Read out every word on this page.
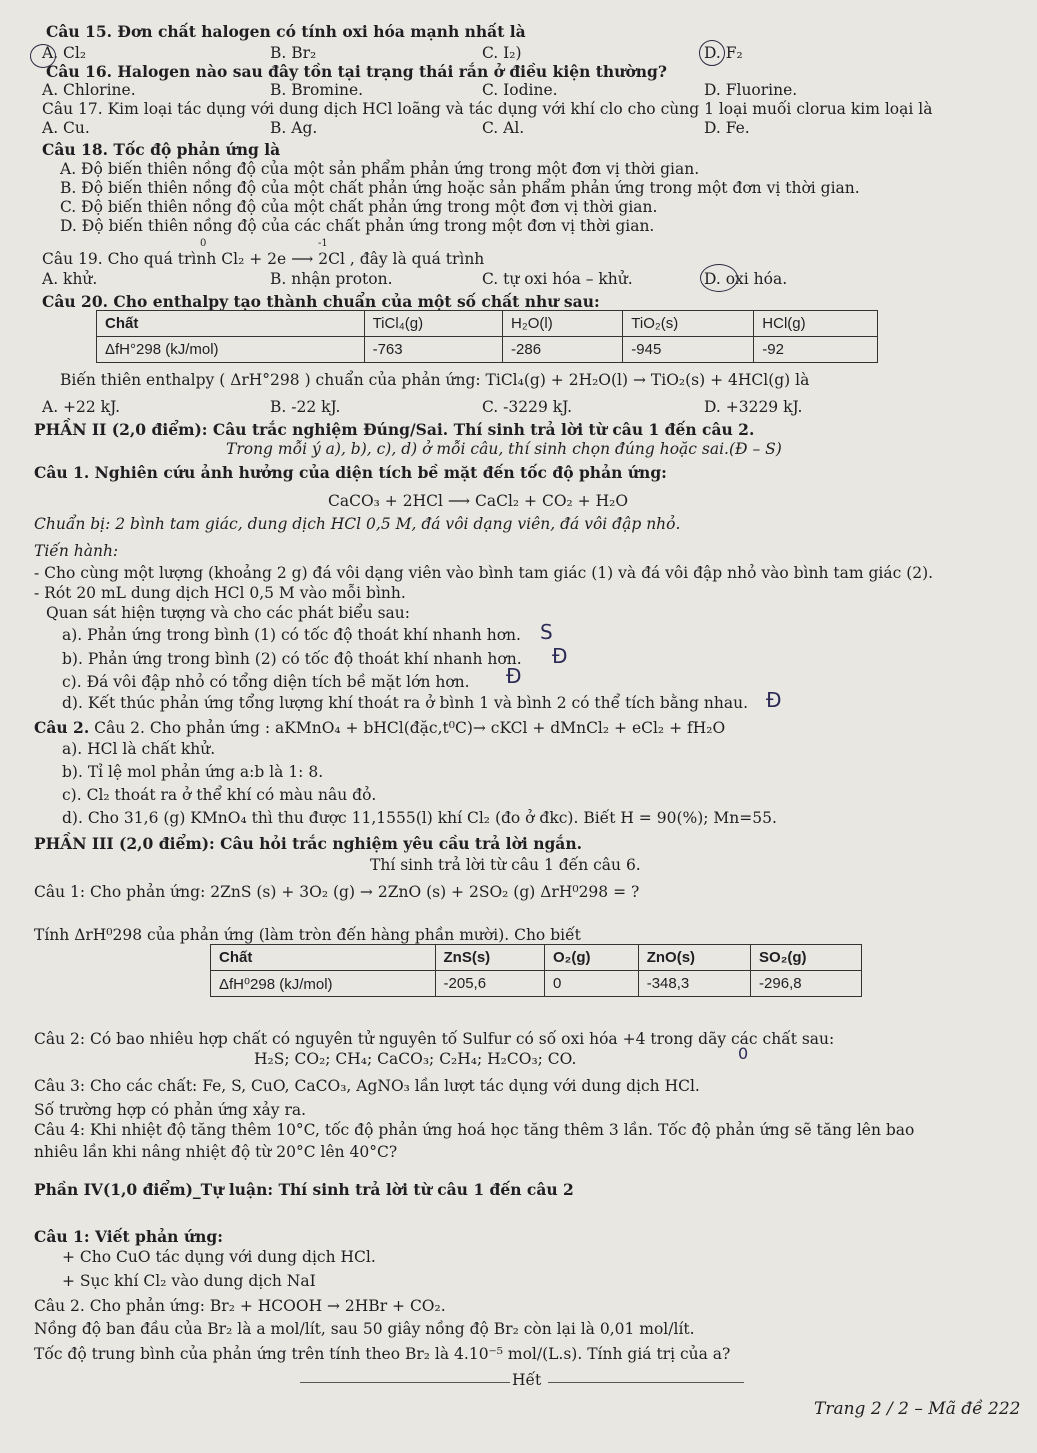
Câu 15. Đơn chất halogen có tính oxi hóa mạnh nhất là
A. Cl₂	B. Br₂	C. I₂)	D. F₂
Câu 16. Halogen nào sau đây tồn tại trạng thái rắn ở điều kiện thường?
A. Chlorine.	B. Bromine.	C. Iodine.	D. Fluorine.
Câu 17. Kim loại tác dụng với dung dịch HCl loãng và tác dụng với khí clo cho cùng 1 loại muối clorua kim loại là
A. Cu.	B. Ag.	C. Al.	D. Fe.
Câu 18. Tốc độ phản ứng là
A. Độ biến thiên nồng độ của một sản phẩm phản ứng trong một đơn vị thời gian.
B. Độ biến thiên nồng độ của một chất phản ứng hoặc sản phẩm phản ứng trong một đơn vị thời gian.
C. Độ biến thiên nồng độ của một chất phản ứng trong một đơn vị thời gian.
D. Độ biến thiên nồng độ của các chất phản ứng trong một đơn vị thời gian.
0	-1
Câu 19. Cho quá trình Cl₂ + 2e ⟶ 2Cl , đây là quá trình
A. khử.	B. nhận proton.	C. tự oxi hóa – khử.	D. oxi hóa.
Câu 20. Cho enthalpy tạo thành chuẩn của một số chất như sau:
Chất	TiCl₄(g)	H₂O(l)	TiO₂(s)	HCl(g)
ΔfH°298 (kJ/mol)	-763	-286	-945	-92
Biến thiên enthalpy ( ΔrH°298 ) chuẩn của phản ứng: TiCl₄(g) + 2H₂O(l) → TiO₂(s) + 4HCl(g) là
A. +22 kJ.	B. -22 kJ.	C. -3229 kJ.	D. +3229 kJ.
PHẦN II (2,0 điểm): Câu trắc nghiệm Đúng/Sai. Thí sinh trả lời từ câu 1 đến câu 2.
Trong mỗi ý a), b), c), d) ở mỗi câu, thí sinh chọn đúng hoặc sai.(Đ – S)
Câu 1. Nghiên cứu ảnh hưởng của diện tích bề mặt đến tốc độ phản ứng:
CaCO₃ + 2HCl ⟶ CaCl₂ + CO₂ + H₂O
Chuẩn bị: 2 bình tam giác, dung dịch HCl 0,5 M, đá vôi dạng viên, đá vôi đập nhỏ.
Tiến hành:
- Cho cùng một lượng (khoảng 2 g) đá vôi dạng viên vào bình tam giác (1) và đá vôi đập nhỏ vào bình tam giác (2).
- Rót 20 mL dung dịch HCl 0,5 M vào mỗi bình.
Quan sát hiện tượng và cho các phát biểu sau:
a). Phản ứng trong bình (1) có tốc độ thoát khí nhanh hơn.
b). Phản ứng trong bình (2) có tốc độ thoát khí nhanh hơn.
c). Đá vôi đập nhỏ có tổng diện tích bề mặt lớn hơn.
d). Kết thúc phản ứng tổng lượng khí thoát ra ở bình 1 và bình 2 có thể tích bằng nhau.
S
Đ
Đ
Đ
Câu 2. Câu 2. Cho phản ứng : aKMnO₄ + bHCl(đặc,t⁰C)→ cKCl + dMnCl₂ + eCl₂ + fH₂O
a). HCl là chất khử.
b). Tỉ lệ mol phản ứng a:b là 1: 8.
c). Cl₂ thoát ra ở thể khí có màu nâu đỏ.
d). Cho 31,6 (g) KMnO₄ thì thu được 11,1555(l) khí Cl₂ (đo ở đkc). Biết H = 90(%); Mn=55.
PHẦN III (2,0 điểm): Câu hỏi trắc nghiệm yêu cầu trả lời ngắn.
Thí sinh trả lời từ câu 1 đến câu 6.
Câu 1: Cho phản ứng: 2ZnS (s) + 3O₂ (g) → 2ZnO (s) + 2SO₂ (g) ΔrH⁰298 = ?
Tính ΔrH⁰298 của phản ứng (làm tròn đến hàng phần mười). Cho biết
Chất	ZnS(s)	O₂(g)	ZnO(s)	SO₂(g)
ΔfH⁰298 (kJ/mol)	-205,6	0	-348,3	-296,8
Câu 2: Có bao nhiêu hợp chất có nguyên tử nguyên tố Sulfur có số oxi hóa +4 trong dãy các chất sau:
H₂S; CO₂; CH₄; CaCO₃; C₂H₄; H₂CO₃; CO.	0
Câu 3: Cho các chất: Fe, S, CuO, CaCO₃, AgNO₃ lần lượt tác dụng với dung dịch HCl.
Số trường hợp có phản ứng xảy ra.
Câu 4: Khi nhiệt độ tăng thêm 10°C, tốc độ phản ứng hoá học tăng thêm 3 lần. Tốc độ phản ứng sẽ tăng lên bao
nhiêu lần khi nâng nhiệt độ từ 20°C lên 40°C?
Phần IV(1,0 điểm)_Tự luận: Thí sinh trả lời từ câu 1 đến câu 2
Câu 1: Viết phản ứng:
+ Cho CuO tác dụng với dung dịch HCl.
+ Sục khí Cl₂ vào dung dịch NaI
Câu 2. Cho phản ứng: Br₂ + HCOOH → 2HBr + CO₂.
Nồng độ ban đầu của Br₂ là a mol/lít, sau 50 giây nồng độ Br₂ còn lại là 0,01 mol/lít.
Tốc độ trung bình của phản ứng trên tính theo Br₂ là 4.10⁻⁵ mol/(L.s). Tính giá trị của a?
Hết
Trang 2 / 2 – Mã đề 222
